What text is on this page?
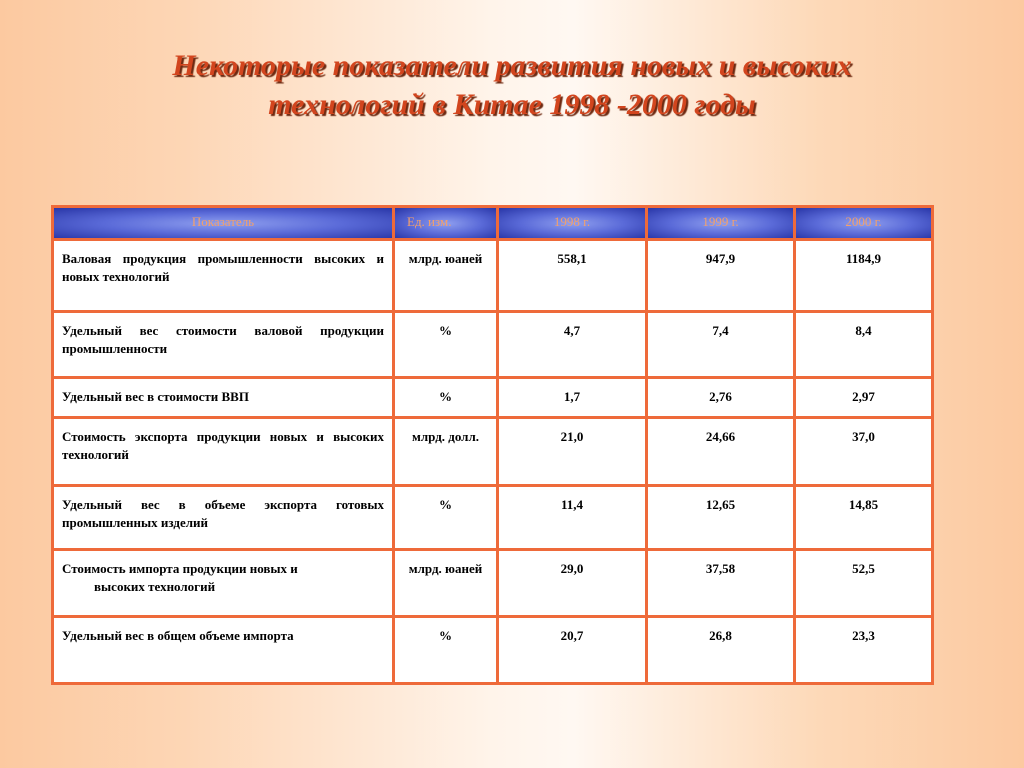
Некоторые показатели развития новых и высоких
технологий в Китае 1998 -2000 годы
Показатель	Ед. изм.	1998 г.	1999 г.	2000 г.
Валовая продукция промышленности высоких и новых технологий	млрд. юаней	558,1	947,9	1184,9
Удельный вес стоимости валовой продукции промышленности	%	4,7	7,4	8,4
Удельный вес в стоимости ВВП	%	1,7	2,76	2,97
Стоимость экспорта продукции новых и высоких технологий	млрд. долл.	21,0	24,66	37,0
Удельный вес в объеме экспорта готовых промышленных изделий	%	11,4	12,65	14,85
Стоимость импорта продукции новых и
высоких технологий	млрд. юаней	29,0	37,58	52,5
Удельный вес в общем объеме импорта	%	20,7	26,8	23,3
